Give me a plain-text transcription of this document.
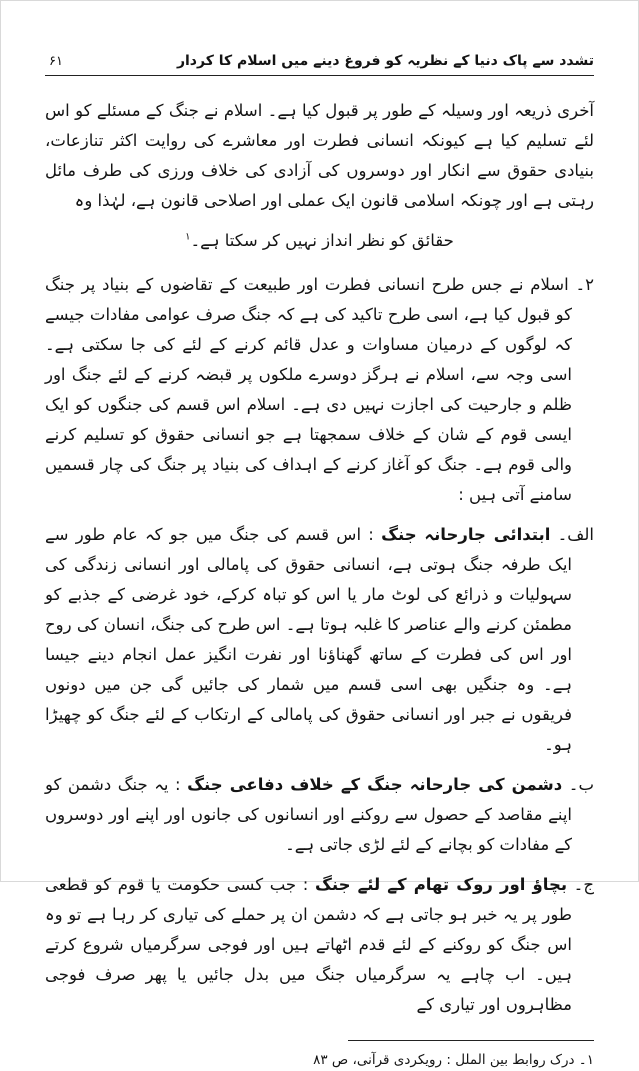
تشدد سے پاک دنیا کے نظریہ کو فروغ دینے میں اسلام کا کردار
۶۱

آخری ذریعہ اور وسیلہ کے طور پر قبول کیا ہے۔ اسلام نے جنگ کے مسئلے کو اس لئے تسلیم کیا ہے کیونکہ انسانی فطرت اور معاشرے کی روایت اکثر تنازعات، بنیادی حقوق سے انکار اور دوسروں کی آزادی کی خلاف ورزی کی طرف مائل رہتی ہے اور چونکہ اسلامی قانون ایک عملی اور اصلاحی قانون ہے، لہٰذا وہ

حقائق کو نظر انداز نہیں کر سکتا ہے۔$^۱$

۲۔ اسلام نے جس طرح انسانی فطرت اور طبیعت کے تقاضوں کے بنیاد پر جنگ کو قبول کیا ہے، اسی طرح تاکید کی ہے کہ جنگ صرف عوامی مفادات جیسے کہ لوگوں کے درمیان مساوات و عدل قائم کرنے کے لئے کی جا سکتی ہے۔ اسی وجہ سے، اسلام نے ہرگز دوسرے ملکوں پر قبضہ کرنے کے لئے جنگ اور ظلم و جارحیت کی اجازت نہیں دی ہے۔ اسلام اس قسم کی جنگوں کو ایک ایسی قوم کے شان کے خلاف سمجھتا ہے جو انسانی حقوق کو تسلیم کرنے والی قوم ہے۔ جنگ کو آغاز کرنے کے اہداف کی بنیاد پر جنگ کی چار قسمیں سامنے آتی ہیں :

الف۔ ابتدائی جارحانہ جنگ : اس قسم کی جنگ میں جو کہ عام طور سے ایک طرفہ جنگ ہوتی ہے، انسانی حقوق کی پامالی اور انسانی زندگی کی سہولیات و ذرائع کی لوٹ مار یا اس کو تباہ کرکے، خود غرضی کے جذبے کو مطمئن کرنے والے عناصر کا غلبہ ہوتا ہے۔ اس طرح کی جنگ، انسان کی روح اور اس کی فطرت کے ساتھ گھناؤنا اور نفرت انگیز عمل انجام دینے جیسا ہے۔ وہ جنگیں بھی اسی قسم میں شمار کی جائیں گی جن میں دونوں فریقوں نے جبر اور انسانی حقوق کی پامالی کے ارتکاب کے لئے جنگ کو چھیڑا ہو۔

ب۔ دشمن کی جارحانہ جنگ کے خلاف دفاعی جنگ : یہ جنگ دشمن کو اپنے مقاصد کے حصول سے روکنے اور انسانوں کی جانوں اور اپنے اور دوسروں کے مفادات کو بچانے کے لئے لڑی جاتی ہے۔

ج۔ بچاؤ اور روک تھام کے لئے جنگ : جب کسی حکومت یا قوم کو قطعی طور پر یہ خبر ہو جاتی ہے کہ دشمن ان پر حملے کی تیاری کر رہا ہے تو وہ اس جنگ کو روکنے کے لئے قدم اٹھاتے ہیں اور فوجی سرگرمیاں شروع کرتے ہیں۔ اب چاہے یہ سرگرمیاں جنگ میں بدل جائیں یا پھر صرف فوجی مظاہروں اور تیاری کے

۱۔ درک روابط بین الملل : رویکردی قرآنی، ص ۸۳
